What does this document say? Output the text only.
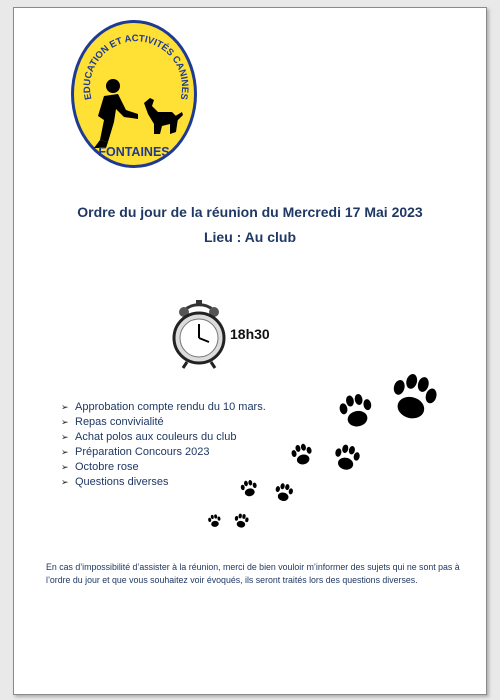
EDUCATION ET ACTIVITÉS CANINES
FONTAINES
Ordre du jour de la réunion du Mercredi 17 Mai 2023
Lieu : Au club
18h30
➢ Approbation compte rendu du 10 mars.
➢ Repas convivialité
➢ Achat polos aux couleurs du club
➢ Préparation Concours 2023
➢ Octobre rose
➢ Questions diverses

En cas d’impossibilité d’assister à la réunion, merci de bien vouloir m’informer des sujets qui ne sont pas à l’ordre du jour et que vous souhaitez voir évoqués, ils seront traités lors des questions diverses.
